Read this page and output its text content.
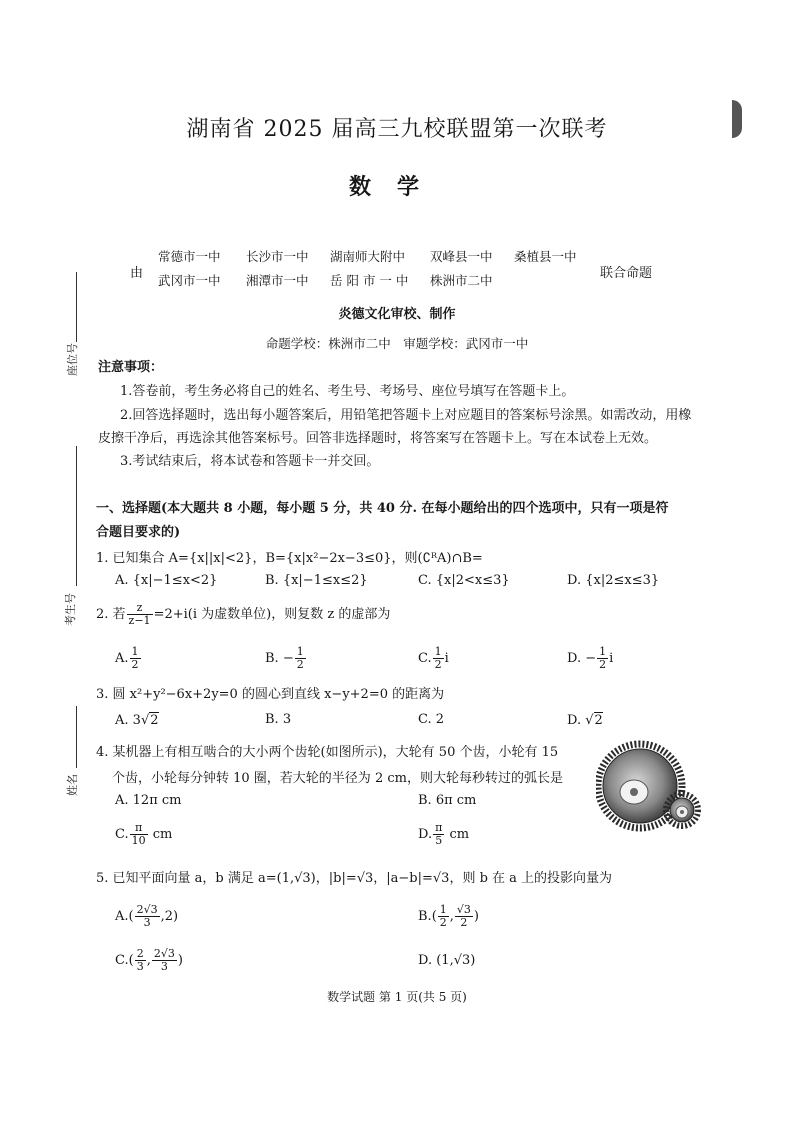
座位号
考生号
姓名
湖南省 2025 届高三九校联盟第一次联考
数学
由
常德市一中 长沙市一中 湖南师大附中 双峰县一中 桑植县一中
武冈市一中 湘潭市一中 岳 阳 市 一 中 株洲市二中	联合命题
炎德文化审校、制作
命题学校：株洲市二中　审题学校：武冈市一中
注意事项：
1.答卷前，考生务必将自己的姓名、考生号、考场号、座位号填写在答题卡上。
2.回答选择题时，选出每小题答案后，用铅笔把答题卡上对应题目的答案标号涂黑。如需改动，用橡
皮擦干净后，再选涂其他答案标号。回答非选择题时，将答案写在答题卡上。写在本试卷上无效。
3.考试结束后，将本试卷和答题卡一并交回。
一、选择题(本大题共 8 小题，每小题 5 分，共 40 分. 在每小题给出的四个选项中，只有一项是符
合题目要求的)
1. 已知集合 A={x||x|<2}，B={x|x²−2x−3≤0}，则(∁ᴿA)∩B=
A. {x|−1≤x<2}	B. {x|−1≤x≤2}	C. {x|2<x≤3}	D. {x|2≤x≤3}
2. 若 $\frac{z}{z-1} =2+i(i$ 为虚数单位)，则复数 z 的虚部为
A. $\frac{1}{2}$	B. − $\frac{1}{2}$	C. $\frac{1}{2}$ i	D. − $\frac{1}{2}$ i
3. 圆 x²+y²−6x+2y=0 的圆心到直线 x−y+2=0 的距离为
A. 3√2	B. 3	C. 2	D. √2
4. 某机器上有相互啮合的大小两个齿轮(如图所示)，大轮有 50 个齿，小轮有 15
个齿，小轮每分钟转 10 圈，若大轮的半径为 2 cm，则大轮每秒转过的弧长是
A. 12π cm	B. 6π cm
C. $\frac{\pi}{10}$ cm	D. $\frac{\pi}{5}$ cm
5. 已知平面向量 a，b 满足 a=(1,√3)，|b|=√3，|a−b|=√3，则 b 在 a 上的投影向量为
$A.( \frac{2√3}{3} ,2)$	$B.( \frac{1}{2}$ , $\frac{√3}{2}$ )
$C.( \frac{2}{3}$ , $\frac{2√3}{3}$ )	D. (1,√3)
数学试题 第 1 页(共 5 页)
